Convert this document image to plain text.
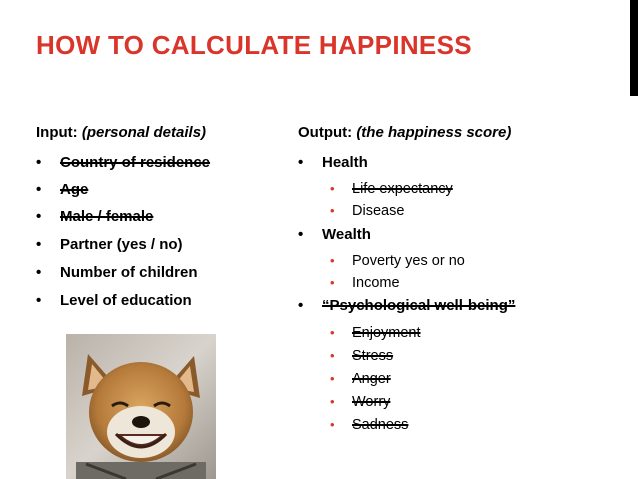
HOW TO CALCULATE HAPPINESS
Input: (personal details)
• Country of residence
• Age
• Male / female
• Partner (yes / no)
• Number of children
• Level of education
Output: (the happiness score)
• Health
• Life expectancy
• Disease
• Wealth
• Poverty yes or no
• Income
• “Psychological well-being”
• Enjoyment
• Stress
• Anger
• Worry
• Sadness
